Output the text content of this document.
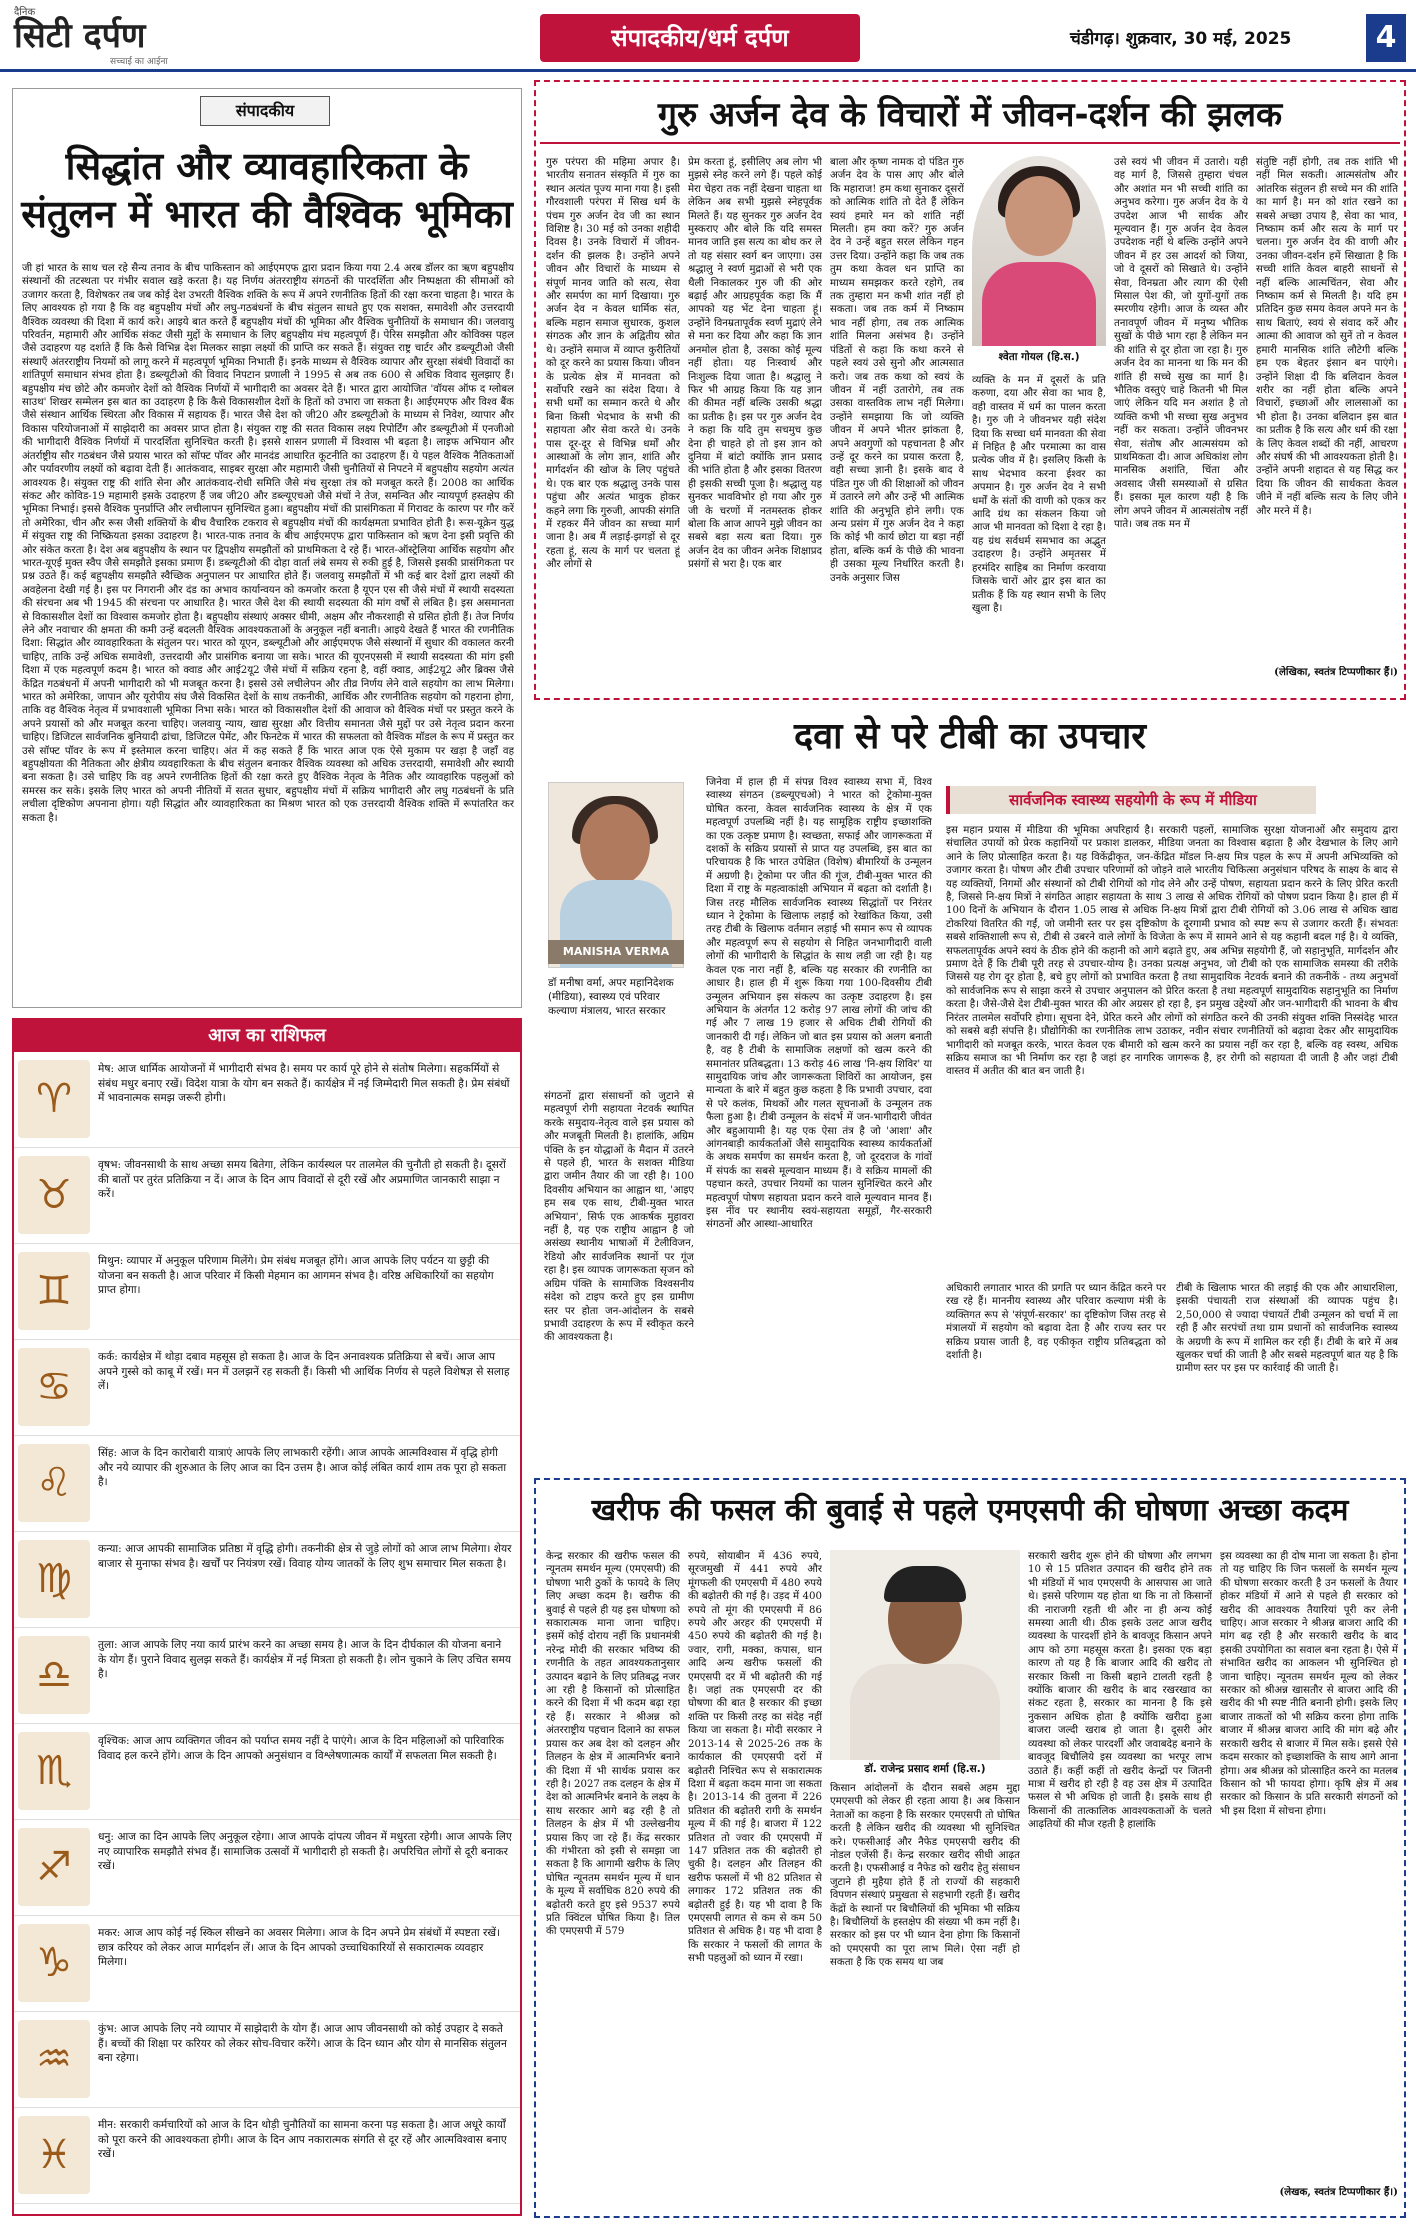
दैनिक
सिटी दर्पण
सच्चाई का आईना
संपादकीय/धर्म दर्पण	चंडीगढ़। शुक्रवार, 30 मई, 2025	4
संपादकीय
सिद्धांत और व्यावहारिकता के संतुलन में भारत की वैश्विक भूमिका
जी हां भारत के साथ चल रहे सैन्य तनाव के बीच पाकिस्तान को आईएमएफ द्वारा प्रदान किया गया 2.4 अरब डॉलर का ऋण बहुपक्षीय संस्थानों की तटस्थता पर गंभीर सवाल खड़े करता है। यह निर्णय अंतरराष्ट्रीय संगठनों की पारदर्शिता और निष्पक्षता की सीमाओं को उजागर करता है, विशेषकर तब जब कोई देश उभरती वैश्विक शक्ति के रूप में अपने रणनीतिक हितों की रक्षा करना चाहता है। भारत के लिए आवश्यक हो गया है कि वह बहुपक्षीय मंचों और लघु-गठबंधनों के बीच संतुलन साधते हुए एक सशक्त, समावेशी और उत्तरदायी वैश्विक व्यवस्था की दिशा में कार्य करे। आइये बात करते हैं बहुपक्षीय मंचों की भूमिका और वैश्विक चुनौतियों के समाधान की। जलवायु परिवर्तन, महामारी और आर्थिक संकट जैसी मुद्दों के समाधान के लिए बहुपक्षीय मंच महत्वपूर्ण हैं। पेरिस समझौता और कोविक्स पहल जैसे उदाहरण यह दर्शाते हैं कि कैसे विभिन्न देश मिलकर साझा लक्ष्यों की प्राप्ति कर सकते हैं। संयुक्त राष्ट्र चार्टर और डब्ल्यूटीओ जैसी संस्थाएँ अंतरराष्ट्रीय नियमों को लागू करने में महत्वपूर्ण भूमिका निभाती हैं। इनके माध्यम से वैश्विक व्यापार और सुरक्षा संबंधी विवादों का शांतिपूर्ण समाधान संभव होता है। डब्ल्यूटीओ की विवाद निपटान प्रणाली ने 1995 से अब तक 600 से अधिक विवाद सुलझाए हैं। बहुपक्षीय मंच छोटे और कमजोर देशों को वैश्विक निर्णयों में भागीदारी का अवसर देते हैं। भारत द्वारा आयोजित 'वॉयस ऑफ द ग्लोबल साउथ' शिखर सम्मेलन इस बात का उदाहरण है कि कैसे विकासशील देशों के हितों को उभारा जा सकता है। आईएमएफ और विश्व बैंक जैसे संस्थान आर्थिक स्थिरता और विकास में सहायक हैं। भारत जैसे देश को जी20 और डब्ल्यूटीओ के माध्यम से निवेश, व्यापार और विकास परियोजनाओं में साझेदारी का अवसर प्राप्त होता है। संयुक्त राष्ट्र की सतत विकास लक्ष्य रिपोर्टिंग और डब्ल्यूटीओ में एनजीओ की भागीदारी वैश्विक निर्णयों में पारदर्शिता सुनिश्चित करती है। इससे शासन प्रणाली में विश्वास भी बढ़ता है। लाइफ अभियान और अंतर्राष्ट्रीय सौर गठबंधन जैसे प्रयास भारत को सॉफ्ट पॉवर और मानदंड आधारित कूटनीति का उदाहरण हैं। ये पहल वैश्विक नैतिकताओं और पर्यावरणीय लक्ष्यों को बढ़ावा देती हैं। आतंकवाद, साइबर सुरक्षा और महामारी जैसी चुनौतियों से निपटने में बहुपक्षीय सहयोग अत्यंत आवश्यक है। संयुक्त राष्ट्र की शांति सेना और आतंकवाद-रोधी समिति जैसे मंच सुरक्षा तंत्र को मजबूत करते हैं। 2008 का आर्थिक संकट और कोविड-19 महामारी इसके उदाहरण हैं जब जी20 और डब्ल्यूएचओ जैसे मंचों ने तेज, समन्वित और न्यायपूर्ण हस्तक्षेप की भूमिका निभाई। इससे वैश्विक पुनर्प्राप्ति और लचीलापन सुनिश्चित हुआ। बहुपक्षीय मंचों की प्रासंगिकता में गिरावट के कारण पर गौर करें तो अमेरिका, चीन और रूस जैसी शक्तियों के बीच वैचारिक टकराव से बहुपक्षीय मंचों की कार्यक्षमता प्रभावित होती है। रूस-यूक्रेन युद्ध में संयुक्त राष्ट्र की निष्क्रियता इसका उदाहरण है। भारत-पाक तनाव के बीच आईएमएफ द्वारा पाकिस्तान को ऋण देना इसी प्रवृत्ति की ओर संकेत करता है। देश अब बहुपक्षीय के स्थान पर द्विपक्षीय समझौतों को प्राथमिकता दे रहे हैं। भारत-ऑस्ट्रेलिया आर्थिक सहयोग और भारत-यूएई मुक्त स्वैप जैसे समझौते इसका प्रमाण हैं। डब्ल्यूटीओ की दोहा वार्ता लंबे समय से रुकी हुई है, जिससे इसकी प्रासंगिकता पर प्रश्न उठते हैं। कई बहुपक्षीय समझौते स्वैच्छिक अनुपालन पर आधारित होते हैं। जलवायु समझौतों में भी कई बार देशों द्वारा लक्ष्यों की अवहेलना देखी गई है। इस पर निगरानी और दंड का अभाव कार्यान्वयन को कमजोर करता है यूएन एस सी जैसे मंचों में स्थायी सदस्यता की संरचना अब भी 1945 की संरचना पर आधारित है। भारत जैसे देश की स्थायी सदस्यता की मांग वर्षों से लंबित है। इस असमानता से विकासशील देशों का विश्वास कमजोर होता है। बहुपक्षीय संस्थाएं अक्सर धीमी, अक्षम और नौकरशाही से ग्रसित होती हैं। तेज निर्णय लेने और नवाचार की क्षमता की कमी उन्हें बदलती वैश्विक आवश्यकताओं के अनुकूल नहीं बनाती। आइये देखते हैं भारत की रणनीतिक दिशा: सिद्धांत और व्यावहारिकता के संतुलन पर। भारत को यूएन, डब्ल्यूटीओ और आईएमएफ जैसे संस्थानों में सुधार की वकालत करनी चाहिए, ताकि उन्हें अधिक समावेशी, उत्तरदायी और प्रासंगिक बनाया जा सके। भारत की यूएनएससी में स्थायी सदस्यता की मांग इसी दिशा में एक महत्वपूर्ण कदम है। भारत को क्वाड और आई2यू2 जैसे मंचों में सक्रिय रहना है, वहीं क्वाड, आई2यू2 और ब्रिक्स जैसे केंद्रित गठबंधनों में अपनी भागीदारी को भी मजबूत करना है। इससे उसे लचीलेपन और तीव्र निर्णय लेने वाले सहयोग का लाभ मिलेगा। भारत को अमेरिका, जापान और यूरोपीय संघ जैसे विकसित देशों के साथ तकनीकी, आर्थिक और रणनीतिक सहयोग को गहराना होगा, ताकि वह वैश्विक नेतृत्व में प्रभावशाली भूमिका निभा सके। भारत को विकासशील देशों की आवाज को वैश्विक मंचों पर प्रस्तुत करने के अपने प्रयासों को और मजबूत करना चाहिए। जलवायु न्याय, खाद्य सुरक्षा और वित्तीय समानता जैसे मुद्दों पर उसे नेतृत्व प्रदान करना चाहिए। डिजिटल सार्वजनिक बुनियादी ढांचा, डिजिटल पेमेंट, और फिनटेक में भारत की सफलता को वैश्विक मॉडल के रूप में प्रस्तुत कर उसे सॉफ्ट पॉवर के रूप में इस्तेमाल करना चाहिए। अंत में कह सकते हैं कि भारत आज एक ऐसे मुकाम पर खड़ा है जहाँ वह बहुपक्षीयता की नैतिकता और क्षेत्रीय व्यवहारिकता के बीच संतुलन बनाकर वैश्विक व्यवस्था को अधिक उत्तरदायी, समावेशी और स्थायी बना सकता है। उसे चाहिए कि वह अपने रणनीतिक हितों की रक्षा करते हुए वैश्विक नेतृत्व के नैतिक और व्यावहारिक पहलुओं को समरस कर सके। इसके लिए भारत को अपनी नीतियों में सतत सुधार, बहुपक्षीय मंचों में सक्रिय भागीदारी और लघु गठबंधनों के प्रति लचीला दृष्टिकोण अपनाना होगा। यही सिद्धांत और व्यावहारिकता का मिश्रण भारत को एक उत्तरदायी वैश्विक शक्ति में रूपांतरित कर सकता है।
आज का राशिफल
♈
मेष: आज धार्मिक आयोजनों में भागीदारी संभव है। समय पर कार्य पूरे होने से संतोष मिलेगा। सहकर्मियों से संबंध मधुर बनाए रखें। विदेश यात्रा के योग बन सकते हैं। कार्यक्षेत्र में नई जिम्मेदारी मिल सकती है। प्रेम संबंधों में भावनात्मक समझ जरूरी होगी।
♉
वृषभ: जीवनसाथी के साथ अच्छा समय बितेगा, लेकिन कार्यस्थल पर तालमेल की चुनौती हो सकती है। दूसरों की बातों पर तुरंत प्रतिक्रिया न दें। आज के दिन आप विवादों से दूरी रखें और अप्रमाणित जानकारी साझा न करें।
♊
मिथुन: व्यापार में अनुकूल परिणाम मिलेंगे। प्रेम संबंध मजबूत होंगे। आज आपके लिए पर्यटन या छुट्टी की योजना बन सकती है। आज परिवार में किसी मेहमान का आगमन संभव है। वरिष्ठ अधिकारियों का सहयोग प्राप्त होगा।
♋
कर्क: कार्यक्षेत्र में थोड़ा दबाव महसूस हो सकता है। आज के दिन अनावश्यक प्रतिक्रिया से बचें। आज आप अपने गुस्से को काबू में रखें। मन में उलझनें रह सकती हैं। किसी भी आर्थिक निर्णय से पहले विशेषज्ञ से सलाह लें।
♌
सिंह: आज के दिन कारोबारी यात्राएं आपके लिए लाभकारी रहेंगी। आज आपके आत्मविश्वास में वृद्धि होगी और नये व्यापार की शुरुआत के लिए आज का दिन उत्तम है। आज कोई लंबित कार्य शाम तक पूरा हो सकता है।
♍
कन्या: आज आपकी सामाजिक प्रतिष्ठा में वृद्धि होगी। तकनीकी क्षेत्र से जुड़े लोगों को आज लाभ मिलेगा। शेयर बाजार से मुनाफा संभव है। खर्चों पर नियंत्रण रखें। विवाह योग्य जातकों के लिए शुभ समाचार मिल सकता है।
♎
तुला: आज आपके लिए नया कार्य प्रारंभ करने का अच्छा समय है। आज के दिन दीर्घकाल की योजना बनाने के योग हैं। पुराने विवाद सुलझ सकते हैं। कार्यक्षेत्र में नई मित्रता हो सकती है। लोन चुकाने के लिए उचित समय है।
♏
वृश्चिक: आज आप व्यक्तिगत जीवन को पर्याप्त समय नहीं दे पाएंगे। आज के दिन महिलाओं को पारिवारिक विवाद हल करने होंगे। आज के दिन आपको अनुसंधान व विश्लेषणात्मक कार्यों में सफलता मिल सकती है।
♐
धनु: आज का दिन आपके लिए अनुकूल रहेगा। आज आपके दांपत्य जीवन में मधुरता रहेगी। आज आपके लिए नए व्यापारिक समझौते संभव हैं। सामाजिक उत्सवों में भागीदारी हो सकती है। अपरिचित लोगों से दूरी बनाकर रखें।
♑
मकर: आज आप कोई नई स्किल सीखने का अवसर मिलेगा। आज के दिन अपने प्रेम संबंधों में स्पष्टता रखें। छात्र करियर को लेकर आज मार्गदर्शन लें। आज के दिन आपको उच्चाधिकारियों से सकारात्मक व्यवहार मिलेगा।
♒
कुंभ: आज आपके लिए नये व्यापार में साझेदारी के योग हैं। आज आप जीवनसाथी को कोई उपहार दे सकते हैं। बच्चों की शिक्षा पर करियर को लेकर सोच-विचार करेंगे। आज के दिन ध्यान और योग से मानसिक संतुलन बना रहेगा।
♓
मीन: सरकारी कर्मचारियों को आज के दिन थोड़ी चुनौतियों का सामना करना पड़ सकता है। आज अधूरे कार्यों को पूरा करने की आवश्यकता होगी। आज के दिन आप नकारात्मक संगति से दूर रहें और आत्मविश्वास बनाए रखें।
गुरु अर्जन देव के विचारों में जीवन-दर्शन की झलक
गुरु परंपरा की महिमा अपार है। भारतीय सनातन संस्कृति में गुरु का स्थान अत्यंत पूज्य माना गया है। इसी गौरवशाली परंपरा में सिख धर्म के पंचम गुरु अर्जन देव जी का स्थान विशिष्ट है। 30 मई को उनका शहीदी दिवस है। उनके विचारों में जीवन-दर्शन की झलक है। उन्होंने अपने जीवन और विचारों के माध्यम से संपूर्ण मानव जाति को सत्य, सेवा और समर्पण का मार्ग दिखाया। गुरु अर्जन देव न केवल धार्मिक संत, बल्कि महान समाज सुधारक, कुशल संगठक और ज्ञान के अद्वितीय स्रोत थे। उन्होंने समाज में व्याप्त कुरीतियों को दूर करने का प्रयास किया। जीवन के प्रत्येक क्षेत्र में मानवता को सर्वोपरि रखने का संदेश दिया। वे सभी धर्मों का सम्मान करते थे और बिना किसी भेदभाव के सभी की सहायता और सेवा करते थे। उनके पास दूर-दूर से विभिन्न धर्मों और आस्थाओं के लोग ज्ञान, शांति और मार्गदर्शन की खोज के लिए पहुंचते थे। एक बार एक श्रद्धालु उनके पास पहुंचा और अत्यंत भावुक होकर कहने लगा कि गुरुजी, आपकी संगति में रहकर मैंने जीवन का सच्चा मार्ग जाना है। अब मैं लड़ाई-झगड़ों से दूर रहता हूं, सत्य के मार्ग पर चलता हूं और लोगों से
प्रेम करता हूं, इसीलिए अब लोग भी मुझसे स्नेह करने लगे हैं। पहले कोई मेरा चेहरा तक नहीं देखना चाहता था लेकिन अब सभी मुझसे स्नेहपूर्वक मिलते हैं। यह सुनकर गुरु अर्जन देव मुस्कराए और बोले कि यदि समस्त मानव जाति इस सत्य का बोध कर ले तो यह संसार स्वर्ग बन जाएगा। उस श्रद्धालु ने स्वर्ण मुद्राओं से भरी एक थैली निकालकर गुरु जी की ओर बढ़ाई और आग्रहपूर्वक कहा कि मैं आपको यह भेंट देना चाहता हूं। उन्होंने विनम्रतापूर्वक स्वर्ण मुद्राएं लेने से मना कर दिया और कहा कि ज्ञान अनमोल होता है, उसका कोई मूल्य नहीं होता। यह निःस्वार्थ और निःशुल्क दिया जाता है। श्रद्धालु ने फिर भी आग्रह किया कि यह ज्ञान की कीमत नहीं बल्कि उसकी श्रद्धा का प्रतीक है। इस पर गुरु अर्जन देव ने कहा कि यदि तुम सचमुच कुछ देना ही चाहते हो तो इस ज्ञान को दुनिया में बांटो क्योंकि ज्ञान प्रसाद की भांति होता है और इसका वितरण ही इसकी सच्ची पूजा है। श्रद्धालु यह सुनकर भावविभोर हो गया और गुरु जी के चरणों में नतमस्तक होकर बोला कि आज आपने मुझे जीवन का सबसे बड़ा सत्य बता दिया। गुरु अर्जन देव का जीवन अनेक शिक्षाप्रद प्रसंगों से भरा है। एक बार
बाला और कृष्ण नामक दो पंडित गुरु अर्जन देव के पास आए और बोले कि महाराज! हम कथा सुनाकर दूसरों को आत्मिक शांति तो देते हैं लेकिन स्वयं हमारे मन को शांति नहीं मिलती। हम क्या करें? गुरु अर्जन देव ने उन्हें बहुत सरल लेकिन गहन उत्तर दिया। उन्होंने कहा कि जब तक तुम कथा केवल धन प्राप्ति का माध्यम समझकर करते रहोगे, तब तक तुम्हारा मन कभी शांत नहीं हो सकता। जब तक कर्म में निष्काम भाव नहीं होगा, तब तक आत्मिक शांति मिलना असंभव है। उन्होंने पंडितों से कहा कि कथा करने से पहले स्वयं उसे सुनो और आत्मसात करो। जब तक कथा को स्वयं के जीवन में नहीं उतारोगे, तब तक उसका वास्तविक लाभ नहीं मिलेगा। उन्होंने समझाया कि जो व्यक्ति जीवन में अपने भीतर झांकता है, अपने अवगुणों को पहचानता है और उन्हें दूर करने का प्रयास करता है, वही सच्चा ज्ञानी है। इसके बाद वे पंडित गुरु जी की शिक्षाओं को जीवन में उतारने लगे और उन्हें भी आत्मिक शांति की अनुभूति होने लगी। एक अन्य प्रसंग में गुरु अर्जन देव ने कहा कि कोई भी कार्य छोटा या बड़ा नहीं होता, बल्कि कर्म के पीछे की भावना ही उसका मूल्य निर्धारित करती है। उनके अनुसार जिस
श्वेता गोयल (हि.स.)
व्यक्ति के मन में दूसरों के प्रति करुणा, दया और सेवा का भाव है, वही वास्तव में धर्म का पालन करता है। गुरु जी ने जीवनभर यही संदेश दिया कि सच्चा धर्म मानवता की सेवा में निहित है और परमात्मा का वास प्रत्येक जीव में है। इसलिए किसी के साथ भेदभाव करना ईश्वर का अपमान है। गुरु अर्जन देव ने सभी धर्मों के संतों की वाणी को एकत्र कर आदि ग्रंथ का संकलन किया जो आज भी मानवता को दिशा दे रहा है। यह ग्रंथ सर्वधर्म समभाव का अद्भुत उदाहरण है। उन्होंने अमृतसर में हरमंदिर साहिब का निर्माण करवाया जिसके चारों ओर द्वार इस बात का प्रतीक हैं कि यह स्थान सभी के लिए खुला है।
उसे स्वयं भी जीवन में उतारो। यही वह मार्ग है, जिससे तुम्हारा चंचल और अशांत मन भी सच्ची शांति का अनुभव करेगा। गुरु अर्जन देव के ये उपदेश आज भी सार्थक और मूल्यवान हैं। गुरु अर्जन देव केवल उपदेशक नहीं थे बल्कि उन्होंने अपने जीवन में हर उस आदर्श को जिया, जो वे दूसरों को सिखाते थे। उन्होंने सेवा, विनम्रता और त्याग की ऐसी मिसाल पेश की, जो युगों-युगों तक स्मरणीय रहेगी। आज के व्यस्त और तनावपूर्ण जीवन में मनुष्य भौतिक सुखों के पीछे भाग रहा है लेकिन मन की शांति से दूर होता जा रहा है। गुरु अर्जन देव का मानना था कि मन की शांति ही सच्चे सुख का मार्ग है। भौतिक वस्तुएं चाहे कितनी भी मिल जाएं लेकिन यदि मन अशांत है तो व्यक्ति कभी भी सच्चा सुख अनुभव नहीं कर सकता। उन्होंने जीवनभर सेवा, संतोष और आत्मसंयम को प्राथमिकता दी। आज अधिकांश लोग मानसिक अशांति, चिंता और अवसाद जैसी समस्याओं से ग्रसित हैं। इसका मूल कारण यही है कि लोग अपने जीवन में आत्मसंतोष नहीं पाते। जब तक मन में
संतुष्टि नहीं होगी, तब तक शांति भी नहीं मिल सकती। आत्मसंतोष और आंतरिक संतुलन ही सच्चे मन की शांति का मार्ग है। मन को शांत रखने का सबसे अच्छा उपाय है, सेवा का भाव, निष्काम कर्म और सत्य के मार्ग पर चलना। गुरु अर्जन देव की वाणी और उनका जीवन-दर्शन हमें सिखाता है कि सच्ची शांति केवल बाहरी साधनों से नहीं बल्कि आत्मचिंतन, सेवा और निष्काम कर्म से मिलती है। यदि हम प्रतिदिन कुछ समय केवल अपने मन के साथ बिताएं, स्वयं से संवाद करें और आत्मा की आवाज को सुनें तो न केवल हमारी मानसिक शांति लौटेगी बल्कि हम एक बेहतर इंसान बन पाएंगे। उन्होंने शिक्षा दी कि बलिदान केवल शरीर का नहीं होता बल्कि अपने विचारों, इच्छाओं और लालसाओं का भी होता है। उनका बलिदान इस बात का प्रतीक है कि सत्य और धर्म की रक्षा के लिए केवल शब्दों की नहीं, आचरण और संघर्ष की भी आवश्यकता होती है। उन्होंने अपनी शहादत से यह सिद्ध कर दिया कि जीवन की सार्थकता केवल जीने में नहीं बल्कि सत्य के लिए जीने और मरने में है।
(लेखिका, स्वतंत्र टिप्पणीकार हैं।)
दवा से परे टीबी का उपचार
MANISHA VERMA
डॉ मनीषा वर्मा, अपर महानिदेशक (मीडिया), स्वास्थ्य एवं परिवार कल्याण मंत्रालय, भारत सरकार
जिनेवा में हाल ही में संपन्न विश्व स्वास्थ्य सभा में, विश्व स्वास्थ्य संगठन (डब्ल्यूएचओ) ने भारत को ट्रेकोमा-मुक्त घोषित करना, केवल सार्वजनिक स्वास्थ्य के क्षेत्र में एक महत्वपूर्ण उपलब्धि नहीं है। यह सामूहिक राष्ट्रीय इच्छाशक्ति का एक उत्कृष्ट प्रमाण है। स्वच्छता, सफाई और जागरूकता में दशकों के सक्रिय प्रयासों से प्राप्त यह उपलब्धि, इस बात का परिचायक है कि भारत उपेक्षित (विशेष) बीमारियों के उन्मूलन में अग्रणी है। ट्रेकोमा पर जीत की गूंज, टीबी-मुक्त भारत की दिशा में राष्ट्र के महत्वाकांक्षी अभियान में बढ़ता को दर्शाती है। जिस तरह मौलिक सार्वजनिक स्वास्थ्य सिद्धांतों पर निरंतर ध्यान ने ट्रेकोमा के खिलाफ लड़ाई को रेखांकित किया, उसी तरह टीबी के खिलाफ वर्तमान लड़ाई भी समान रूप से व्यापक और महत्वपूर्ण रूप से सहयोग से निहित जनभागीदारी वाली लोगों की भागीदारी के सिद्धांत के साथ लड़ी जा रही है। यह केवल एक नारा नहीं है, बल्कि यह सरकार की रणनीति का आधार है। हाल ही में शुरू किया गया 100-दिवसीय टीबी उन्मूलन अभियान इस संकल्प का उत्कृष्ट उदाहरण है। इस अभियान के अंतर्गत 12 करोड़ 97 लाख लोगों की जांच की गई और 7 लाख 19 हजार से अधिक टीबी रोगियों की जानकारी दी गई। लेकिन जो बात इस प्रयास को अलग बनाती है, वह है टीबी के सामाजिक लक्षणों को खत्म करने की समानांतर प्रतिबद्धता। 13 करोड़ 46 लाख 'नि-क्षय शिविर' या सामुदायिक जांच और जागरूकता शिविरों का आयोजन, इस मान्यता के बारे में बहुत कुछ कहता है कि प्रभावी उपचार, दवा से परे कलंक, मिथकों और गलत सूचनाओं के उन्मूलन तक फैला हुआ है। टीबी उन्मूलन के संदर्भ में जन-भागीदारी जीवंत और बहुआयामी है। यह एक ऐसा तंत्र है जो 'आशा' और आंगनबाड़ी कार्यकर्ताओं जैसे सामुदायिक स्वास्थ्य कार्यकर्ताओं के अथक समर्पण का समर्थन करता है, जो दूरदराज के गांवों में संपर्क का सबसे मूल्यवान माध्यम हैं। वे सक्रिय मामलों की पहचान करते, उपचार नियमों का पालन सुनिश्चित करने और महत्वपूर्ण पोषण सहायता प्रदान करने वाले मूल्यवान मानव हैं। इस नींव पर स्थानीय स्वयं-सहायता समूहों, गैर-सरकारी संगठनों और आस्था-आधारित
सार्वजनिक स्वास्थ्य सहयोगी के रूप में मीडिया
इस महान प्रयास में मीडिया की भूमिका अपरिहार्य है। सरकारी पहलों, सामाजिक सुरक्षा योजनाओं और समुदाय द्वारा संचालित उपायों को प्रेरक कहानियों पर प्रकाश डालकर, मीडिया जनता का विश्वास बढ़ाता है और देखभाल के लिए आगे आने के लिए प्रोत्साहित करता है। यह विकेंद्रीकृत, जन-केंद्रित मॉडल नि-क्षय मित्र पहल के रूप में अपनी अभिव्यक्ति को उजागर करता है। पोषण और टीबी उपचार परिणामों को जोड़ने वाले भारतीय चिकित्सा अनुसंधान परिषद के साक्ष्य के बाद से यह व्यक्तियों, निगमों और संस्थानों को टीबी रोगियों को गोद लेने और उन्हें पोषण, सहायता प्रदान करने के लिए प्रेरित करती है, जिससे नि-क्षय मित्रों ने संगठित आहार सहायता के साथ 3 लाख से अधिक रोगियों को पोषण प्रदान किया है। हाल ही में 100 दिनों के अभियान के दौरान 1.05 लाख से अधिक नि-क्षय मित्रों द्वारा टीबी रोगियों को 3.06 लाख से अधिक खाद्य टोकरियां वितरित की गईं, जो जमीनी स्तर पर इस दृष्टिकोण के दूरगामी प्रभाव को स्पष्ट रूप से उजागर करती हैं। संभवतः सबसे शक्तिशाली रूप से, टीबी से उबरने वाले लोगों के विजेता के रूप में सामने आने से यह कहानी बदल गई है। ये व्यक्ति, सफलतापूर्वक अपने स्वयं के ठीक होने की कहानी को आगे बढ़ाते हुए, अब अभिन्न सहयोगी हैं, जो सहानुभूति, मार्गदर्शन और प्रमाण देते हैं कि टीबी पूरी तरह से उपचार-योग्य है। उनका प्रत्यक्ष अनुभव, जो टीबी को एक सामाजिक समस्या की तरीके जिससे यह रोग दूर होता है, बचे हुए लोगों को प्रभावित करता है तथा सामुदायिक नेटवर्क बनाने की तकनीकें - तथ्य अनुभवों को सार्वजनिक रूप से साझा करने से उपचार अनुपालन को प्रेरित करता है तथा महत्वपूर्ण सामुदायिक सहानुभूति का निर्माण करता है। जैसे-जैसे देश टीबी-मुक्त भारत की ओर अग्रसर हो रहा है, इन प्रमुख उद्देश्यों और जन-भागीदारी की भावना के बीच निरंतर तालमेल सर्वोपरि होगा। सूचना देने, प्रेरित करने और लोगों को संगठित करने की उनकी संयुक्त शक्ति निस्संदेह भारत को सबसे बड़ी संपत्ति है। प्रौद्योगिकी का रणनीतिक लाभ उठाकर, नवीन संचार रणनीतियों को बढ़ावा देकर और सामुदायिक भागीदारी को मजबूत करके, भारत केवल एक बीमारी को खत्म करने का प्रयास नहीं कर रहा है, बल्कि वह स्वस्थ, अधिक सक्रिय समाज का भी निर्माण कर रहा है जहां हर नागरिक जागरूक है, हर रोगी को सहायता दी जाती है और जहां टीबी वास्तव में अतीत की बात बन जाती है।
संगठनों द्वारा संसाधनों को जुटाने से महत्वपूर्ण रोगी सहायता नेटवर्क स्थापित करके समुदाय-नेतृत्व वाले इस प्रयास को और मजबूती मिलती है। हालांकि, अग्रिम पंक्ति के इन योद्धाओं के मैदान में उतरने से पहले ही, भारत के सशक्त मीडिया द्वारा जमीन तैयार की जा रही है। 100 दिवसीय अभियान का आह्वान था, 'आइए हम सब एक साथ, टीबी-मुक्त भारत अभियान', सिर्फ एक आकर्षक मुहावरा नहीं है, यह एक राष्ट्रीय आह्वान है जो असंख्य स्थानीय भाषाओं में टेलीविजन, रेडियो और सार्वजनिक स्थानों पर गूंज रहा है। इस व्यापक जागरूकता सृजन को अग्रिम पंक्ति के सामाजिक विश्वसनीय संदेश को टाइप करते हुए इस ग्रामीण स्तर पर होता जन-आंदोलन के सबसे प्रभावी उदाहरण के रूप में स्वीकृत करने की आवश्यकता है।
अधिकारी लगातार भारत की प्रगति पर ध्यान केंद्रित करने पर रख रहे हैं। माननीय स्वास्थ्य और परिवार कल्याण मंत्री के व्यक्तिगत रूप से 'संपूर्ण-सरकार' का दृष्टिकोण जिस तरह से मंत्रालयों में सहयोग को बढ़ावा देता है और राज्य स्तर पर सक्रिय प्रयास जाती है, वह एकीकृत राष्ट्रीय प्रतिबद्धता को दर्शाती है।
टीबी के खिलाफ भारत की लड़ाई की एक और आधारशिला, इसकी पंचायती राज संस्थाओं की व्यापक पहुंच है। 2,50,000 से ज्यादा पंचायतें टीबी उन्मूलन को चर्चा में ला रही हैं और सरपंचों तथा ग्राम प्रधानों को सार्वजनिक स्वास्थ्य के अग्रणी के रूप में शामिल कर रही हैं। टीबी के बारे में अब खुलकर चर्चा की जाती है और सबसे महत्वपूर्ण बात यह है कि ग्रामीण स्तर पर इस पर कार्रवाई की जाती है।
खरीफ की फसल की बुवाई से पहले एमएसपी की घोषणा अच्छा कदम
केन्द्र सरकार की खरीफ फसल की न्यूनतम समर्थन मूल्य (एमएसपी) की घोषणा भारी ठुकों के फायदे के लिए लिए अच्छा कदम है। खरीफ की बुवाई से पहले ही यह इस घोषणा को सकारात्मक माना जाना चाहिए। इसमें कोई दोराय नहीं कि प्रधानमंत्री नरेन्द्र मोदी की सरकार भविष्य की रणनीति के तहत आवश्यकतानुसार उत्पादन बढ़ाने के लिए प्रतिबद्ध नजर आ रही है किसानों को प्रोत्साहित करने की दिशा में भी कदम बढ़ा रहा रहे हैं। सरकार ने श्रीअन्न को अंतरराष्ट्रीय पहचान दिलाने का सफल प्रयास कर अब देश को दलहन और तिलहन के क्षेत्र में आत्मनिर्भर बनाने की दिशा में भी सार्थक प्रयास कर रही है। 2027 तक दलहन के क्षेत्र में देश को आत्मनिर्भर बनाने के लक्ष्य के साथ सरकार आगे बढ़ रही है तो तिलहन के क्षेत्र में भी उल्लेखनीय प्रयास किए जा रहे हैं। केंद्र सरकार की गंभीरता को इसी से समझा जा सकता है कि आगामी खरीफ के लिए घोषित न्यूनतम समर्थन मूल्य में धान के मूल्य में सर्वाधिक 820 रुपये की बढ़ोतरी करते हुए इसे 9537 रुपये प्रति क्विंटल घोषित किया है। तिल की एमएसपी में 579
रुपये, सोयाबीन में 436 रुपये, सूरजमुखी में 441 रुपये और मूंगफली की एमएसपी में 480 रुपये की बढ़ोतरी की गई है। उड़द में 400 रुपये तो मूंग की एमएसपी में 86 रुपये और अरहर की एमएसपी में 450 रुपये की बढ़ोतरी की गई है। ज्वार, रागी, मक्का, कपास, धान आदि अन्य खरीफ फसलों की एमएसपी दर में भी बढ़ोतरी की गई है। जहां तक एमएसपी दर की घोषणा की बात है सरकार की इच्छा शक्ति पर किसी तरह का संदेह नहीं किया जा सकता है। मोदी सरकार ने 2013-14 से 2025-26 तक के कार्यकाल की एमएसपी दरों में बढ़ोतरी निश्चित रूप से सकारात्मक दिशा में बढ़ता कदम माना जा सकता है। 2013-14 की तुलना में 226 प्रतिशत की बढ़ोतरी रागी के समर्थन मूल्य में की गई है। बाजरा में 122 प्रतिशत तो ज्वार की एमएसपी में 147 प्रतिशत तक की बढ़ोतरी हो चुकी है। दलहन और तिलहन की खरीफ फसलों में भी 82 प्रतिशत से लगाकर 172 प्रतिशत तक की बढ़ोतरी हुई है। यह भी दावा है कि एमएसपी लागत से कम से कम 50 प्रतिशत से अधिक है। यह भी दावा है कि सरकार ने फसलों की लागत के सभी पहलुओं को ध्यान में रखा।
डॉ. राजेन्द्र प्रसाद शर्मा (हि.स.)
किसान आंदोलनों के दौरान सबसे अहम मुद्दा एमएसपी को लेकर ही रहता आया है। अब किसान नेताओं का कहना है कि सरकार एमएसपी तो घोषित करती है लेकिन खरीद की व्यवस्था भी सुनिश्चित करे। एफसीआई और नैफेड एमएसपी खरीद की नोडल एजेंसी हैं। केन्द्र सरकार खरीद सीधी आढ़त करती है। एफसीआई व नैफेड को खरीद हेतु संसाधन जुटाने ही मुहैया होते हैं तो राज्यों की सहकारी विपणन संस्थाएं प्रमुखता से सहभागी रहती हैं। खरीद केंद्रों के स्थानों पर बिचौलियों की भूमिका भी सक्रिय है। बिचौलियों के हस्तक्षेप की संख्या भी कम नहीं है। सरकार को इस पर भी ध्यान देना होगा कि किसानों को एमएसपी का पूरा लाभ मिले। ऐसा नहीं हो सकता है कि एक समय था जब
सरकारी खरीद शुरू होने की घोषणा और लगभग 10 से 15 प्रतिशत उत्पादन की खरीद होने तक भी मंडियों में भाव एमएसपी के आसपास आ जाते थे। इससे परिणाम यह होता था कि ना तो किसानों की नाराजगी रहती थी और ना ही अन्य कोई समस्या आती थी। ठीक इसके उलट आज खरीद व्यवस्था के पारदर्शी होने के बावजूद किसान अपने आप को ठगा महसूस करता है। इसका एक बड़ा कारण तो यह है कि बाजार आदि की खरीद तो सरकार किसी ना किसी बहाने टालती रहती है क्योंकि बाजार की खरीद के बाद रखरखाव का संकट रहता है, सरकार का मानना है कि इसे नुकसान अधिक होता है क्योंकि खरीदा हुआ बाजरा जल्दी खराब हो जाता है। दूसरी ओर व्यवस्था को लेकर पारदर्शी और जवाबदेह बनाने के बावजूद बिचौलिये इस व्यवस्था का भरपूर लाभ उठाते हैं। कहीं कहीं तो खरीद केन्द्रों पर जितनी मात्रा में खरीद हो रही है वह उस क्षेत्र में उत्पादित फसल से भी अधिक हो जाती है। इसके साथ ही किसानों की तात्कालिक आवश्यकताओं के चलते आढ़तियों की मौज रहती है हालांकि
इस व्यवस्था का ही दोष माना जा सकता है। होना तो यह चाहिए कि जिन फसलों के समर्थन मूल्य की घोषणा सरकार करती है उन फसलों के तैयार होकर मंडियों में आने से पहले ही सरकार को खरीद की आवश्यक तैयारियां पूरी कर लेनी चाहिए। आज सरकार ने श्रीअन्न बाजरा आदि की मांग बढ़ रही है और सरकारी खरीद के बाद इसकी उपयोगिता का सवाल बना रहता है। ऐसे में संभावित खरीद का आकलन भी सुनिश्चित हो जाना चाहिए। न्यूनतम समर्थन मूल्य को लेकर सरकार को श्रीअन्न खासतौर से बाजरा आदि की खरीद की भी स्पष्ट नीति बनानी होगी। इसके लिए बाजार ताकतों को भी सक्रिय करना होगा ताकि बाजार में श्रीअन्न बाजरा आदि की मांग बढ़े और सरकारी खरीद से बाजार में मिल सके। इससे ऐसे कदम सरकार को इच्छाशक्ति के साथ आगे आना होगा। अब श्रीअन्न को प्रोत्साहित करने का मतलब किसान को भी फायदा होगा। कृषि क्षेत्र में अब सरकार को किसान के प्रति सरकारी संगठनों को भी इस दिशा में सोचना होगा।
(लेखक, स्वतंत्र टिप्पणीकार हैं।)
